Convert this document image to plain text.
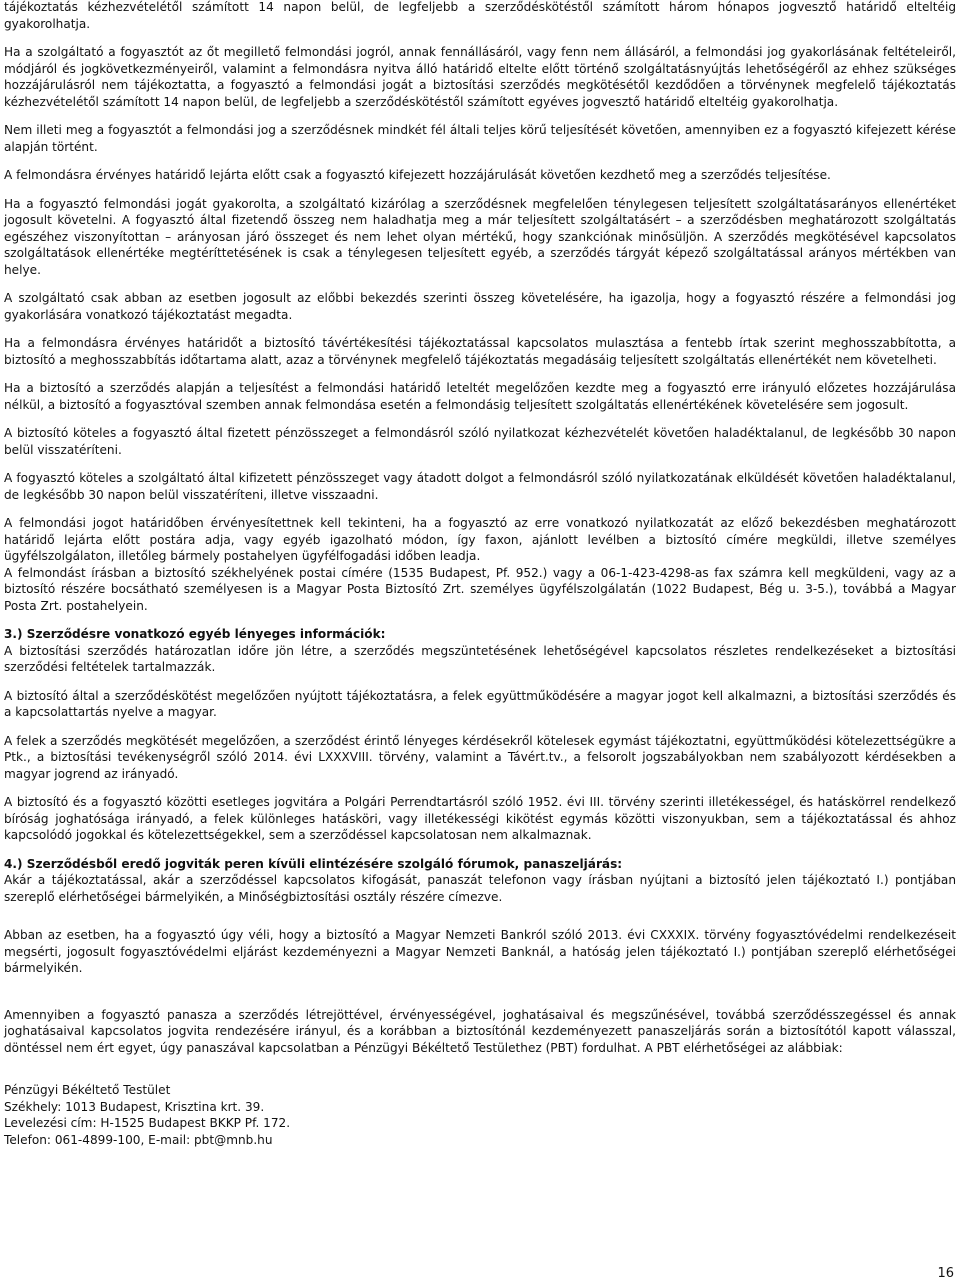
tájékoztatás kézhezvételétől számított 14 napon belül, de legfeljebb a szerződéskötéstől számított három hónapos jogvesztő határidő elteltéig gyakorolhatja.

Ha a szolgáltató a fogyasztót az őt megillető felmondási jogról, annak fennállásáról, vagy fenn nem állásáról, a felmondási jog gyakorlásának feltételeiről, módjáról és jogkövetkezményeiről, valamint a felmondásra nyitva álló határidő eltelte előtt történő szolgáltatásnyújtás lehetőségéről az ehhez szükséges hozzájárulásról nem tájékoztatta, a fogyasztó a felmondási jogát a biztosítási szerződés megkötésétől kezdődően a törvénynek megfelelő tájékoztatás kézhezvételétől számított 14 napon belül, de legfeljebb a szerződéskötéstől számított egyéves jogvesztő határidő elteltéig gyakorolhatja.

Nem illeti meg a fogyasztót a felmondási jog a szerződésnek mindkét fél általi teljes körű teljesítését követően, amennyiben ez a fogyasztó kifejezett kérése alapján történt.

A felmondásra érvényes határidő lejárta előtt csak a fogyasztó kifejezett hozzájárulását követően kezdhető meg a szerződés teljesítése.

Ha a fogyasztó felmondási jogát gyakorolta, a szolgáltató kizárólag a szerződésnek megfelelően ténylegesen teljesített szolgáltatásarányos ellenértéket jogosult követelni. A fogyasztó által fizetendő összeg nem haladhatja meg a már teljesített szolgáltatásért – a szerződésben meghatározott szolgáltatás egészéhez viszonyítottan – arányosan járó összeget és nem lehet olyan mértékű, hogy szankciónak minősüljön. A szerződés megkötésével kapcsolatos szolgáltatások ellenértéke megtéríttetésének is csak a ténylegesen teljesített egyéb, a szerződés tárgyát képező szolgáltatással arányos mértékben van helye.

A szolgáltató csak abban az esetben jogosult az előbbi bekezdés szerinti összeg követelésére, ha igazolja, hogy a fogyasztó részére a felmondási jog gyakorlására vonatkozó tájékoztatást megadta.

Ha a felmondásra érvényes határidőt a biztosító távértékesítési tájékoztatással kapcsolatos mulasztása a fentebb írtak szerint meghosszabbította, a biztosító a meghosszabbítás időtartama alatt, azaz a törvénynek megfelelő tájékoztatás megadásáig teljesített szolgáltatás ellenértékét nem követelheti.

Ha a biztosító a szerződés alapján a teljesítést a felmondási határidő leteltét megelőzően kezdte meg a fogyasztó erre irányuló előzetes hozzájárulása nélkül, a biztosító a fogyasztóval szemben annak felmondása esetén a felmondásig teljesített szolgáltatás ellenértékének követelésére sem jogosult.

A biztosító köteles a fogyasztó által fizetett pénzösszeget a felmondásról szóló nyilatkozat kézhezvételét követően haladéktalanul, de legkésőbb 30 napon belül visszatéríteni.

A fogyasztó köteles a szolgáltató által kifizetett pénzösszeget vagy átadott dolgot a felmondásról szóló nyilatkozatának elküldését követően haladéktalanul, de legkésőbb 30 napon belül visszatéríteni, illetve visszaadni.

A felmondási jogot határidőben érvényesítettnek kell tekinteni, ha a fogyasztó az erre vonatkozó nyilatkozatát az előző bekezdésben meghatározott határidő lejárta előtt postára adja, vagy egyéb igazolható módon, így faxon, ajánlott levélben a biztosító címére megküldi, illetve személyes ügyfélszolgálaton, illetőleg bármely postahelyen ügyfélfogadási időben leadja.

A felmondást írásban a biztosító székhelyének postai címére (1535 Budapest, Pf. 952.) vagy a 06-1-423-4298-as fax számra kell megküldeni, vagy az a biztosító részére bocsátható személyesen is a Magyar Posta Biztosító Zrt. személyes ügyfélszolgálatán (1022 Budapest, Bég u. 3-5.), továbbá a Magyar Posta Zrt. postahelyein.

3.) Szerződésre vonatkozó egyéb lényeges információk:

A biztosítási szerződés határozatlan időre jön létre, a szerződés megszüntetésének lehetőségével kapcsolatos részletes rendelkezéseket a biztosítási szerződési feltételek tartalmazzák.

A biztosító által a szerződéskötést megelőzően nyújtott tájékoztatásra, a felek együttműködésére a magyar jogot kell alkalmazni, a biztosítási szerződés és a kapcsolattartás nyelve a magyar.

A felek a szerződés megkötését megelőzően, a szerződést érintő lényeges kérdésekről kötelesek egymást tájékoztatni, együttműködési kötelezettségükre a Ptk., a biztosítási tevékenységről szóló 2014. évi LXXXVIII. törvény, valamint a Távért.tv., a felsorolt jogszabályokban nem szabályozott kérdésekben a magyar jogrend az irányadó.

A biztosító és a fogyasztó közötti esetleges jogvitára a Polgári Perrendtartásról szóló 1952. évi III. törvény szerinti illetékességel, és hatáskörrel rendelkező bíróság joghatósága irányadó, a felek különleges hatásköri, vagy illetékességi kikötést egymás közötti viszonyukban, sem a tájékoztatással és ahhoz kapcsolódó jogokkal és kötelezettségekkel, sem a szerződéssel kapcsolatosan nem alkalmaznak.

4.) Szerződésből eredő jogviták peren kívüli elintézésére szolgáló fórumok, panaszeljárás:

Akár a tájékoztatással, akár a szerződéssel kapcsolatos kifogását, panaszát telefonon vagy írásban nyújtani a biztosító jelen tájékoztató I.) pontjában szereplő elérhetőségei bármelyikén, a Minőségbiztosítási osztály részére címezve.

Abban az esetben, ha a fogyasztó úgy véli, hogy a biztosító a Magyar Nemzeti Bankról szóló 2013. évi CXXXIX. törvény fogyasztóvédelmi rendelkezéseit megsérti, jogosult fogyasztóvédelmi eljárást kezdeményezni a Magyar Nemzeti Banknál, a hatóság jelen tájékoztató I.) pontjában szereplő elérhetőségei bármelyikén.

Amennyiben a fogyasztó panasza a szerződés létrejöttével, érvényességével, joghatásaival és megszűnésével, továbbá szerződésszegéssel és annak joghatásaival kapcsolatos jogvita rendezésére irányul, és a korábban a biztosítónál kezdeményezett panaszeljárás során a biztosítótól kapott válasszal, döntéssel nem ért egyet, úgy panaszával kapcsolatban a Pénzügyi Békéltető Testülethez (PBT) fordulhat. A PBT elérhetőségei az alábbiak:

Pénzügyi Békéltető Testület
Székhely: 1013 Budapest, Krisztina krt. 39.
Levelezési cím: H-1525 Budapest BKKP Pf. 172.
Telefon: 061-4899-100, E-mail: pbt@mnb.hu
16
